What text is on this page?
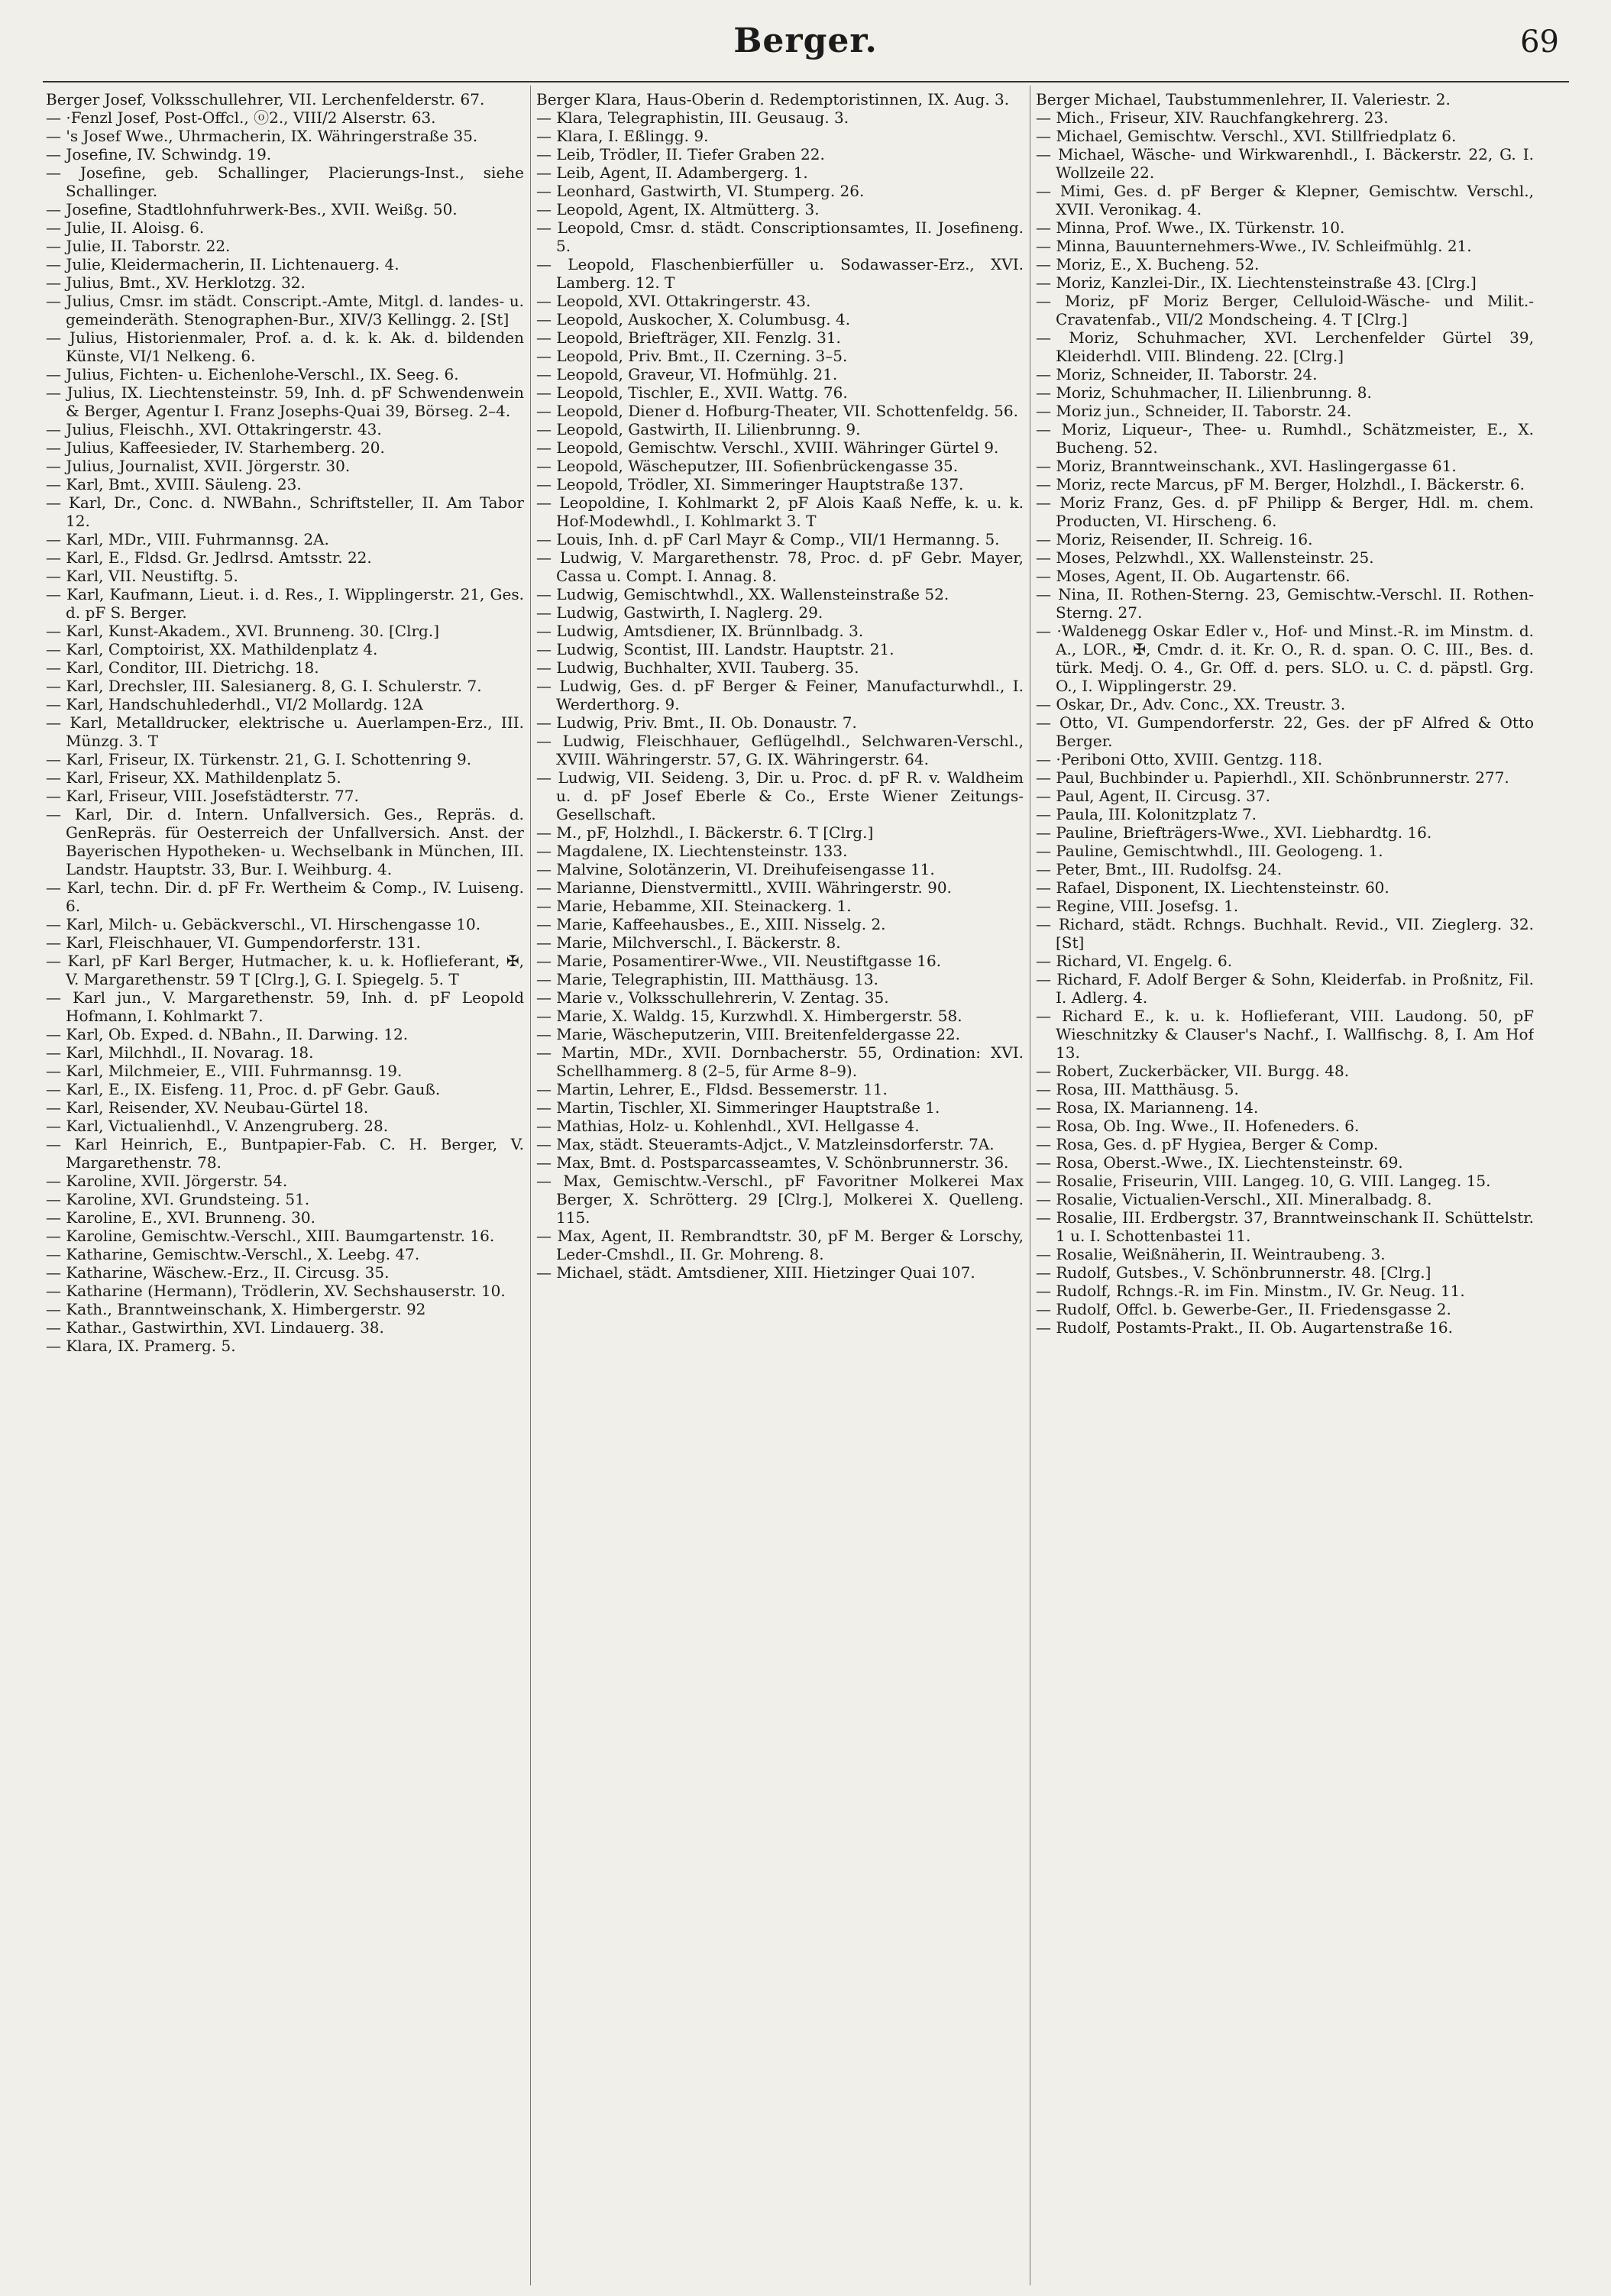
Berger.	69

Berger Josef, Volksschullehrer, VII. Lerchenfelderstr. 67.

— ·Fenzl Josef, Post-Offcl., ⓞ2., VIII/2 Alserstr. 63.

— 's Josef Wwe., Uhrmacherin, IX. Währingerstraße 35.

— Josefine, IV. Schwindg. 19.

— Josefine, geb. Schallinger, Placierungs-Inst., siehe Schallinger.

— Josefine, Stadtlohnfuhrwerk-Bes., XVII. Weißg. 50.

— Julie, II. Aloisg. 6.

— Julie, II. Taborstr. 22.

— Julie, Kleidermacherin, II. Lichtenauerg. 4.

— Julius, Bmt., XV. Herklotzg. 32.

— Julius, Cmsr. im städt. Conscript.-Amte, Mitgl. d. landes- u. gemeinderäth. Stenographen-Bur., XIV/3 Kellingg. 2. [St]

— Julius, Historienmaler, Prof. a. d. k. k. Ak. d. bildenden Künste, VI/1 Nelkeng. 6.

— Julius, Fichten- u. Eichenlohe-Verschl., IX. Seeg. 6.

— Julius, IX. Liechtensteinstr. 59, Inh. d. pF Schwendenwein & Berger, Agentur I. Franz Josephs-Quai 39, Börseg. 2–4.

— Julius, Fleischh., XVI. Ottakringerstr. 43.

— Julius, Kaffeesieder, IV. Starhemberg. 20.

— Julius, Journalist, XVII. Jörgerstr. 30.

— Karl, Bmt., XVIII. Säuleng. 23.

— Karl, Dr., Conc. d. NWBahn., Schriftsteller, II. Am Tabor 12.

— Karl, MDr., VIII. Fuhrmannsg. 2A.

— Karl, E., Fldsd. Gr. Jedlrsd. Amtsstr. 22.

— Karl, VII. Neustiftg. 5.

— Karl, Kaufmann, Lieut. i. d. Res., I. Wipplingerstr. 21, Ges. d. pF S. Berger.

— Karl, Kunst-Akadem., XVI. Brunneng. 30. [Clrg.]

— Karl, Comptoirist, XX. Mathildenplatz 4.

— Karl, Conditor, III. Dietrichg. 18.

— Karl, Drechsler, III. Salesianerg. 8, G. I. Schulerstr. 7.

— Karl, Handschuhlederhdl., VI/2 Mollardg. 12A

— Karl, Metalldrucker, elektrische u. Auerlampen-Erz., III. Münzg. 3. T

— Karl, Friseur, IX. Türkenstr. 21, G. I. Schottenring 9.

— Karl, Friseur, XX. Mathildenplatz 5.

— Karl, Friseur, VIII. Josefstädterstr. 77.

— Karl, Dir. d. Intern. Unfallversich. Ges., Repräs. d. GenRepräs. für Oesterreich der Unfallversich. Anst. der Bayerischen Hypotheken- u. Wechselbank in München, III. Landstr. Hauptstr. 33, Bur. I. Weihburg. 4.

— Karl, techn. Dir. d. pF Fr. Wertheim & Comp., IV. Luiseng. 6.

— Karl, Milch- u. Gebäckverschl., VI. Hirschengasse 10.

— Karl, Fleischhauer, VI. Gumpendorferstr. 131.

— Karl, pF Karl Berger, Hutmacher, k. u. k. Hoflieferant, ✠, V. Margarethenstr. 59 T [Clrg.], G. I. Spiegelg. 5. T

— Karl jun., V. Margarethenstr. 59, Inh. d. pF Leopold Hofmann, I. Kohlmarkt 7.

— Karl, Ob. Exped. d. NBahn., II. Darwing. 12.

— Karl, Milchhdl., II. Novarag. 18.

— Karl, Milchmeier, E., VIII. Fuhrmannsg. 19.

— Karl, E., IX. Eisfeng. 11, Proc. d. pF Gebr. Gauß.

— Karl, Reisender, XV. Neubau-Gürtel 18.

— Karl, Victualienhdl., V. Anzengruberg. 28.

— Karl Heinrich, E., Buntpapier-Fab. C. H. Berger, V. Margarethenstr. 78.

— Karoline, XVII. Jörgerstr. 54.

— Karoline, XVI. Grundsteing. 51.

— Karoline, E., XVI. Brunneng. 30.

— Karoline, Gemischtw.-Verschl., XIII. Baumgartenstr. 16.

— Katharine, Gemischtw.-Verschl., X. Leebg. 47.

— Katharine, Wäschew.-Erz., II. Circusg. 35.

— Katharine (Hermann), Trödlerin, XV. Sechshauserstr. 10.

— Kath., Branntweinschank, X. Himbergerstr. 92

— Kathar., Gastwirthin, XVI. Lindauerg. 38.

— Klara, IX. Pramerg. 5.

Berger Klara, Haus-Oberin d. Redemptoristinnen, IX. Aug. 3.

— Klara, Telegraphistin, III. Geusaug. 3.

— Klara, I. Eßlingg. 9.

— Leib, Trödler, II. Tiefer Graben 22.

— Leib, Agent, II. Adambergerg. 1.

— Leonhard, Gastwirth, VI. Stumperg. 26.

— Leopold, Agent, IX. Altmütterg. 3.

— Leopold, Cmsr. d. städt. Conscriptionsamtes, II. Josefineng. 5.

— Leopold, Flaschenbierfüller u. Sodawasser-Erz., XVI. Lamberg. 12. T

— Leopold, XVI. Ottakringerstr. 43.

— Leopold, Auskocher, X. Columbusg. 4.

— Leopold, Briefträger, XII. Fenzlg. 31.

— Leopold, Priv. Bmt., II. Czerning. 3–5.

— Leopold, Graveur, VI. Hofmühlg. 21.

— Leopold, Tischler, E., XVII. Wattg. 76.

— Leopold, Diener d. Hofburg-Theater, VII. Schottenfeldg. 56.

— Leopold, Gastwirth, II. Lilienbrunng. 9.

— Leopold, Gemischtw. Verschl., XVIII. Währinger Gürtel 9.

— Leopold, Wäscheputzer, III. Sofienbrückengasse 35.

— Leopold, Trödler, XI. Simmeringer Hauptstraße 137.

— Leopoldine, I. Kohlmarkt 2, pF Alois Kaaß Neffe, k. u. k. Hof-Modewhdl., I. Kohlmarkt 3. T

— Louis, Inh. d. pF Carl Mayr & Comp., VII/1 Hermanng. 5.

— Ludwig, V. Margarethenstr. 78, Proc. d. pF Gebr. Mayer, Cassa u. Compt. I. Annag. 8.

— Ludwig, Gemischtwhdl., XX. Wallensteinstraße 52.

— Ludwig, Gastwirth, I. Naglerg. 29.

— Ludwig, Amtsdiener, IX. Brünnlbadg. 3.

— Ludwig, Scontist, III. Landstr. Hauptstr. 21.

— Ludwig, Buchhalter, XVII. Tauberg. 35.

— Ludwig, Ges. d. pF Berger & Feiner, Manufacturwhdl., I. Werderthorg. 9.

— Ludwig, Priv. Bmt., II. Ob. Donaustr. 7.

— Ludwig, Fleischhauer, Geflügelhdl., Selchwaren-Verschl., XVIII. Währingerstr. 57, G. IX. Währingerstr. 64.

— Ludwig, VII. Seideng. 3, Dir. u. Proc. d. pF R. v. Waldheim u. d. pF Josef Eberle & Co., Erste Wiener Zeitungs-Gesellschaft.

— M., pF, Holzhdl., I. Bäckerstr. 6. T [Clrg.]

— Magdalene, IX. Liechtensteinstr. 133.

— Malvine, Solotänzerin, VI. Dreihufeisengasse 11.

— Marianne, Dienstvermittl., XVIII. Währingerstr. 90.

— Marie, Hebamme, XII. Steinackerg. 1.

— Marie, Kaffeehausbes., E., XIII. Nisselg. 2.

— Marie, Milchverschl., I. Bäckerstr. 8.

— Marie, Posamentirer-Wwe., VII. Neustiftgasse 16.

— Marie, Telegraphistin, III. Matthäusg. 13.

— Marie v., Volksschullehrerin, V. Zentag. 35.

— Marie, X. Waldg. 15, Kurzwhdl. X. Himbergerstr. 58.

— Marie, Wäscheputzerin, VIII. Breitenfeldergasse 22.

— Martin, MDr., XVII. Dornbacherstr. 55, Ordination: XVI. Schellhammerg. 8 (2–5, für Arme 8–9).

— Martin, Lehrer, E., Fldsd. Bessemerstr. 11.

— Martin, Tischler, XI. Simmeringer Hauptstraße 1.

— Mathias, Holz- u. Kohlenhdl., XVI. Hellgasse 4.

— Max, städt. Steueramts-Adjct., V. Matzleinsdorferstr. 7A.

— Max, Bmt. d. Postsparcasseamtes, V. Schönbrunnerstr. 36.

— Max, Gemischtw.-Verschl., pF Favoritner Molkerei Max Berger, X. Schrötterg. 29 [Clrg.], Molkerei X. Quelleng. 115.

— Max, Agent, II. Rembrandtstr. 30, pF M. Berger & Lorschy, Leder-Cmshdl., II. Gr. Mohreng. 8.

— Michael, städt. Amtsdiener, XIII. Hietzinger Quai 107.

Berger Michael, Taubstummenlehrer, II. Valeriestr. 2.

— Mich., Friseur, XIV. Rauchfangkehrerg. 23.

— Michael, Gemischtw. Verschl., XVI. Stillfriedplatz 6.

— Michael, Wäsche- und Wirkwarenhdl., I. Bäckerstr. 22, G. I. Wollzeile 22.

— Mimi, Ges. d. pF Berger & Klepner, Gemischtw. Verschl., XVII. Veronikag. 4.

— Minna, Prof. Wwe., IX. Türkenstr. 10.

— Minna, Bauunternehmers-Wwe., IV. Schleifmühlg. 21.

— Moriz, E., X. Bucheng. 52.

— Moriz, Kanzlei-Dir., IX. Liechtensteinstraße 43. [Clrg.]

— Moriz, pF Moriz Berger, Celluloid-Wäsche- und Milit.-Cravatenfab., VII/2 Mondscheing. 4. T [Clrg.]

— Moriz, Schuhmacher, XVI. Lerchenfelder Gürtel 39, Kleiderhdl. VIII. Blindeng. 22. [Clrg.]

— Moriz, Schneider, II. Taborstr. 24.

— Moriz, Schuhmacher, II. Lilienbrunng. 8.

— Moriz jun., Schneider, II. Taborstr. 24.

— Moriz, Liqueur-, Thee- u. Rumhdl., Schätzmeister, E., X. Bucheng. 52.

— Moriz, Branntweinschank., XVI. Haslingergasse 61.

— Moriz, recte Marcus, pF M. Berger, Holzhdl., I. Bäckerstr. 6.

— Moriz Franz, Ges. d. pF Philipp & Berger, Hdl. m. chem. Producten, VI. Hirscheng. 6.

— Moriz, Reisender, II. Schreig. 16.

— Moses, Pelzwhdl., XX. Wallensteinstr. 25.

— Moses, Agent, II. Ob. Augartenstr. 66.

— Nina, II. Rothen-Sterng. 23, Gemischtw.-Verschl. II. Rothen-Sterng. 27.

— ·Waldenegg Oskar Edler v., Hof- und Minst.-R. im Minstm. d. A., LOR., ✠, Cmdr. d. it. Kr. O., R. d. span. O. C. III., Bes. d. türk. Medj. O. 4., Gr. Off. d. pers. SLO. u. C. d. päpstl. Grg. O., I. Wipplingerstr. 29.

— Oskar, Dr., Adv. Conc., XX. Treustr. 3.

— Otto, VI. Gumpendorferstr. 22, Ges. der pF Alfred & Otto Berger.

— ·Periboni Otto, XVIII. Gentzg. 118.

— Paul, Buchbinder u. Papierhdl., XII. Schönbrunnerstr. 277.

— Paul, Agent, II. Circusg. 37.

— Paula, III. Kolonitzplatz 7.

— Pauline, Briefträgers-Wwe., XVI. Liebhardtg. 16.

— Pauline, Gemischtwhdl., III. Geologeng. 1.

— Peter, Bmt., III. Rudolfsg. 24.

— Rafael, Disponent, IX. Liechtensteinstr. 60.

— Regine, VIII. Josefsg. 1.

— Richard, städt. Rchngs. Buchhalt. Revid., VII. Zieglerg. 32. [St]

— Richard, VI. Engelg. 6.

— Richard, F. Adolf Berger & Sohn, Kleiderfab. in Proßnitz, Fil. I. Adlerg. 4.

— Richard E., k. u. k. Hoflieferant, VIII. Laudong. 50, pF Wieschnitzky & Clauser's Nachf., I. Wallfischg. 8, I. Am Hof 13.

— Robert, Zuckerbäcker, VII. Burgg. 48.

— Rosa, III. Matthäusg. 5.

— Rosa, IX. Marianneng. 14.

— Rosa, Ob. Ing. Wwe., II. Hofeneders. 6.

— Rosa, Ges. d. pF Hygiea, Berger & Comp.

— Rosa, Oberst.-Wwe., IX. Liechtensteinstr. 69.

— Rosalie, Friseurin, VIII. Langeg. 10, G. VIII. Langeg. 15.

— Rosalie, Victualien-Verschl., XII. Mineralbadg. 8.

— Rosalie, III. Erdbergstr. 37, Branntweinschank II. Schüttelstr. 1 u. I. Schottenbastei 11.

— Rosalie, Weißnäherin, II. Weintraubeng. 3.

— Rudolf, Gutsbes., V. Schönbrunnerstr. 48. [Clrg.]

— Rudolf, Rchngs.-R. im Fin. Minstm., IV. Gr. Neug. 11.

— Rudolf, Offcl. b. Gewerbe-Ger., II. Friedensgasse 2.

— Rudolf, Postamts-Prakt., II. Ob. Augartenstraße 16.
